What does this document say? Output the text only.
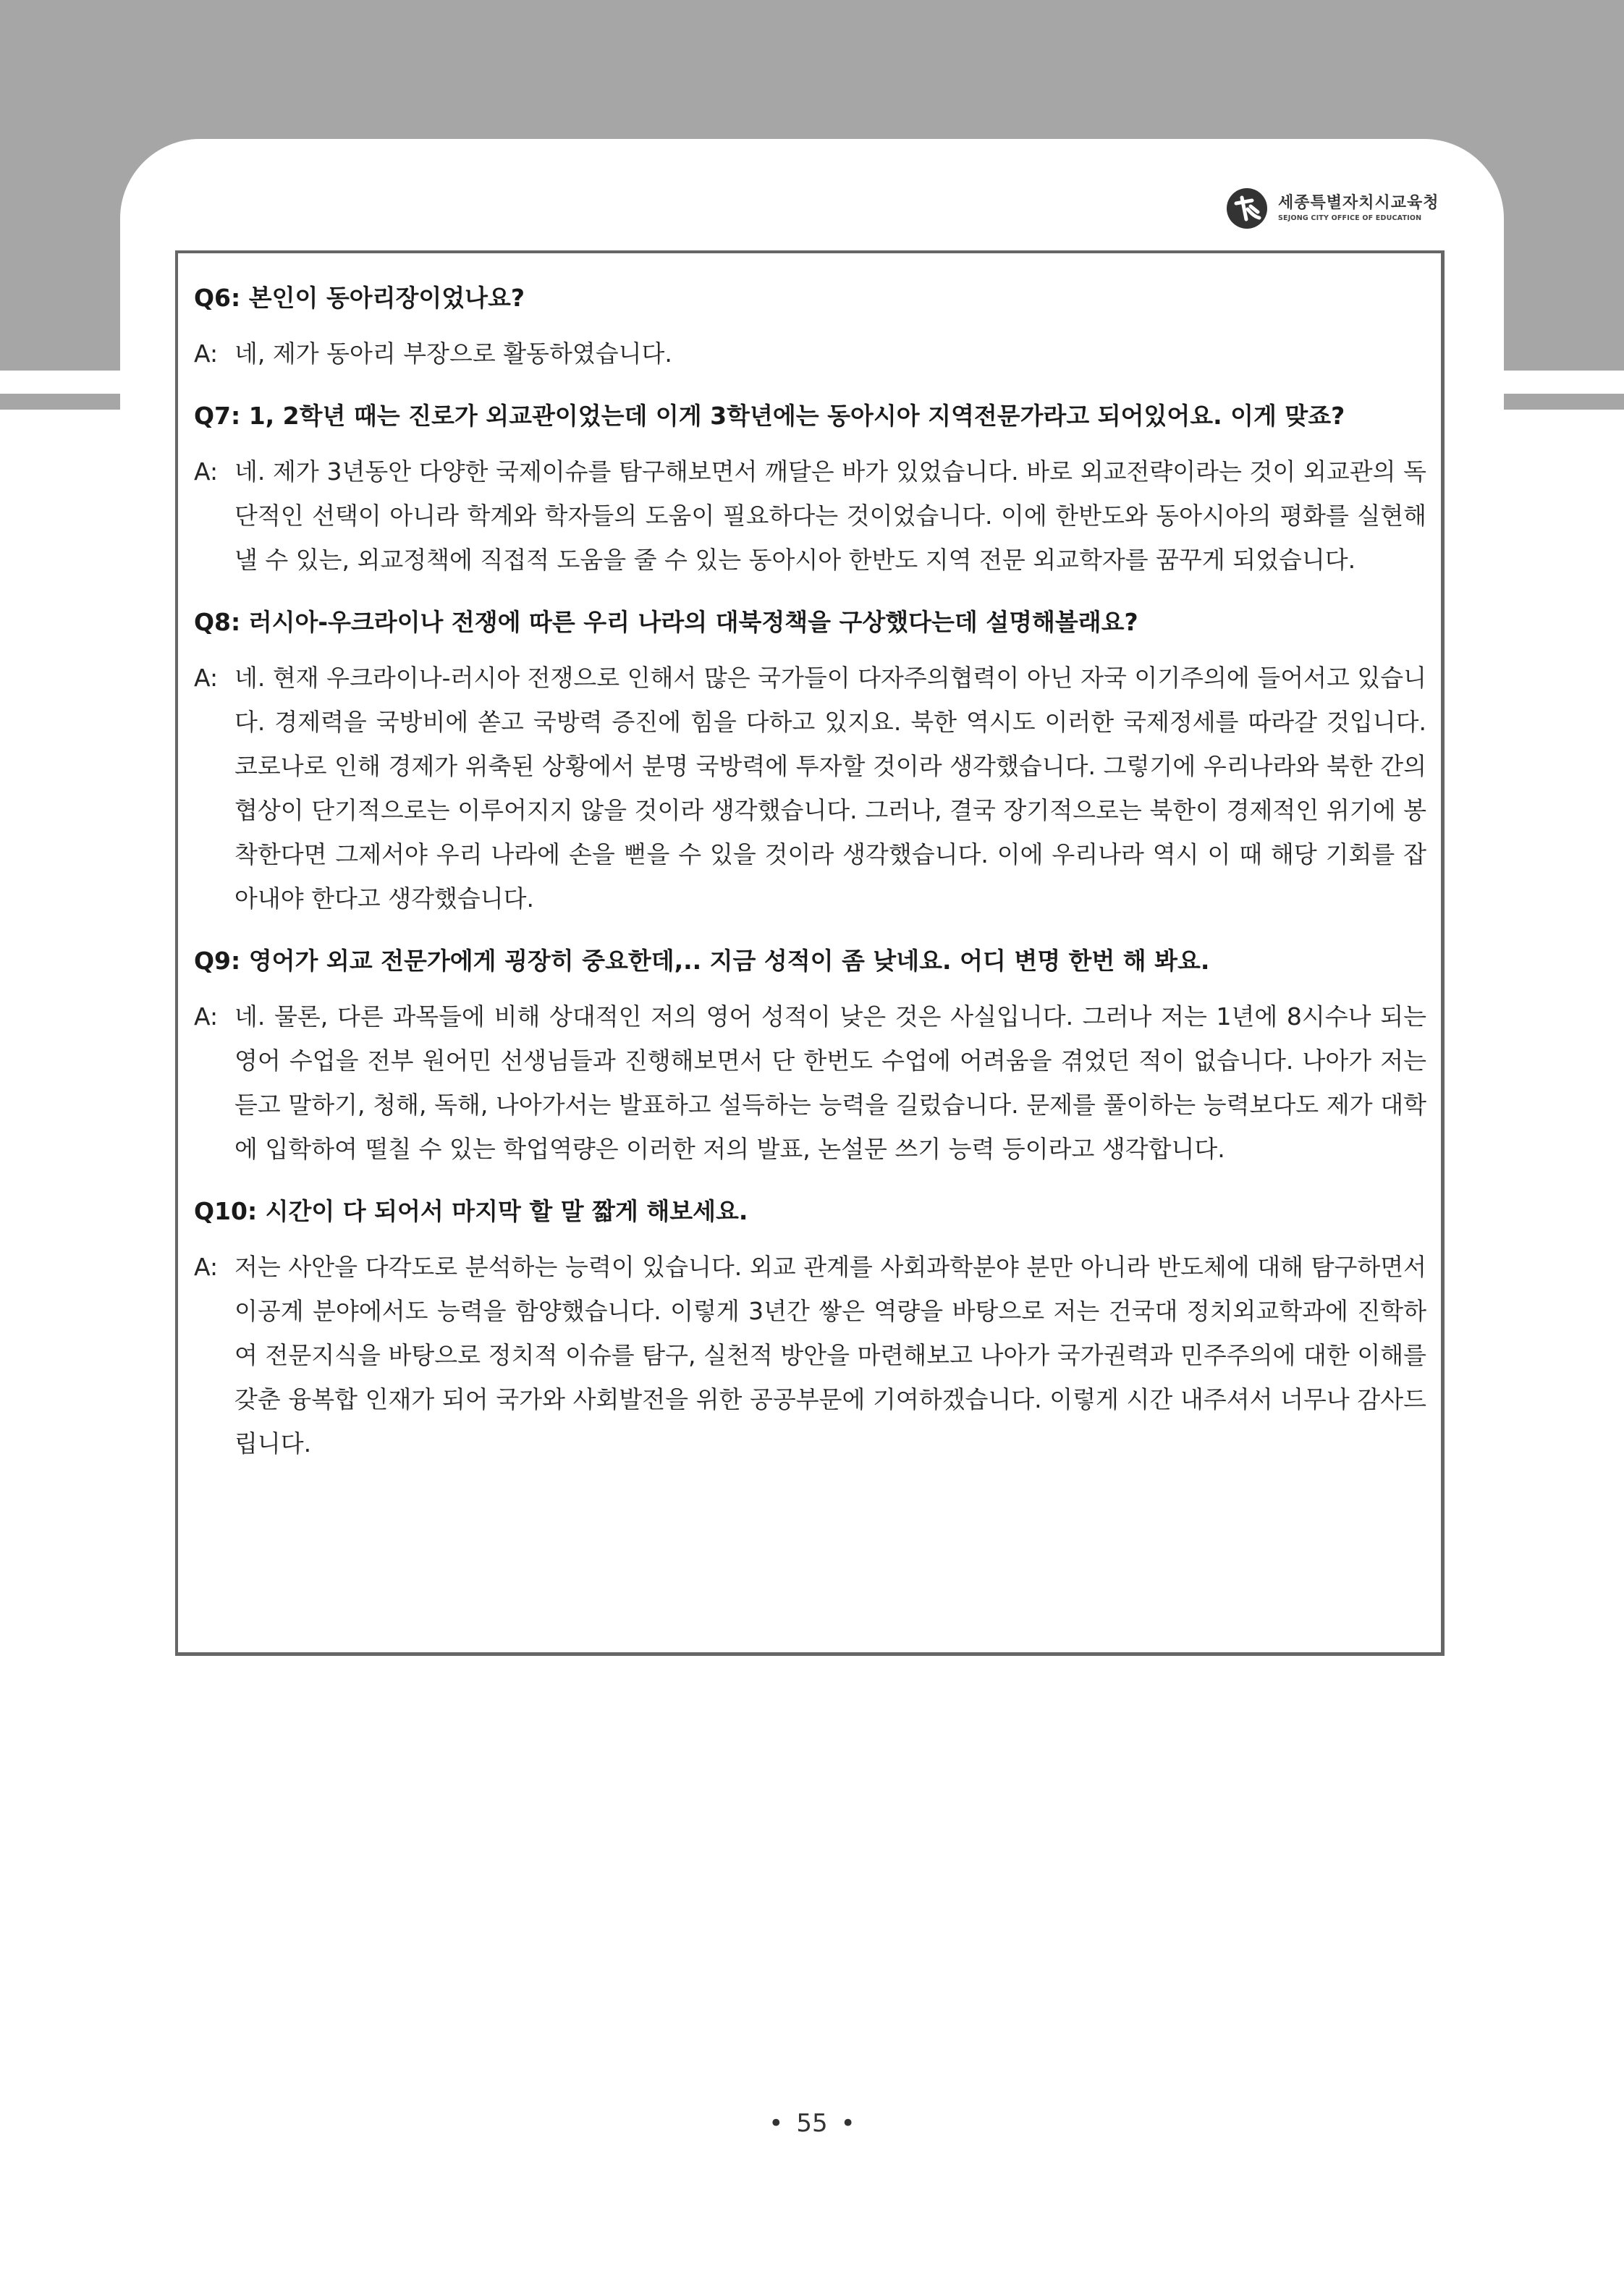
세종특별자치시교육청
SEJONG CITY OFFICE OF EDUCATION
Q6: 본인이 동아리장이었나요?
A: 네, 제가 동아리 부장으로 활동하였습니다.
Q7: 1, 2학년 때는 진로가 외교관이었는데 이게 3학년에는 동아시아 지역전문가라고 되어있어요. 이게 맞죠?
A: 네. 제가 3년동안 다양한 국제이슈를 탐구해보면서 깨달은 바가 있었습니다. 바로 외교전략이라는 것이 외교관의 독단적인 선택이 아니라 학계와 학자들의 도움이 필요하다는 것이었습니다. 이에 한반도와 동아시아의 평화를 실현해낼 수 있는, 외교정책에 직접적 도움을 줄 수 있는 동아시아 한반도 지역 전문 외교학자를 꿈꾸게 되었습니다.
Q8: 러시아-우크라이나 전쟁에 따른 우리 나라의 대북정책을 구상했다는데 설명해볼래요?
A: 네. 현재 우크라이나-러시아 전쟁으로 인해서 많은 국가들이 다자주의협력이 아닌 자국 이기주의에 들어서고 있습니다. 경제력을 국방비에 쏟고 국방력 증진에 힘을 다하고 있지요. 북한 역시도 이러한 국제정세를 따라갈 것입니다. 코로나로 인해 경제가 위축된 상황에서 분명 국방력에 투자할 것이라 생각했습니다. 그렇기에 우리나라와 북한 간의 협상이 단기적으로는 이루어지지 않을 것이라 생각했습니다. 그러나, 결국 장기적으로는 북한이 경제적인 위기에 봉착한다면 그제서야 우리 나라에 손을 뻗을 수 있을 것이라 생각했습니다. 이에 우리나라 역시 이 때 해당 기회를 잡아내야 한다고 생각했습니다.
Q9: 영어가 외교 전문가에게 굉장히 중요한데,.. 지금 성적이 좀 낮네요. 어디 변명 한번 해 봐요.
A: 네. 물론, 다른 과목들에 비해 상대적인 저의 영어 성적이 낮은 것은 사실입니다. 그러나 저는 1년에 8시수나 되는 영어 수업을 전부 원어민 선생님들과 진행해보면서 단 한번도 수업에 어려움을 겪었던 적이 없습니다. 나아가 저는 듣고 말하기, 청해, 독해, 나아가서는 발표하고 설득하는 능력을 길렀습니다. 문제를 풀이하는 능력보다도 제가 대학에 입학하여 떨칠 수 있는 학업역량은 이러한 저의 발표, 논설문 쓰기 능력 등이라고 생각합니다.
Q10: 시간이 다 되어서 마지막 할 말 짧게 해보세요.
A: 저는 사안을 다각도로 분석하는 능력이 있습니다. 외교 관계를 사회과학분야 분만 아니라 반도체에 대해 탐구하면서 이공계 분야에서도 능력을 함양했습니다. 이렇게 3년간 쌓은 역량을 바탕으로 저는 건국대 정치외교학과에 진학하여 전문지식을 바탕으로 정치적 이슈를 탐구, 실천적 방안을 마련해보고 나아가 국가권력과 민주주의에 대한 이해를 갖춘 융복합 인재가 되어 국가와 사회발전을 위한 공공부문에 기여하겠습니다. 이렇게 시간 내주셔서 너무나 감사드립니다.
• 55 •
